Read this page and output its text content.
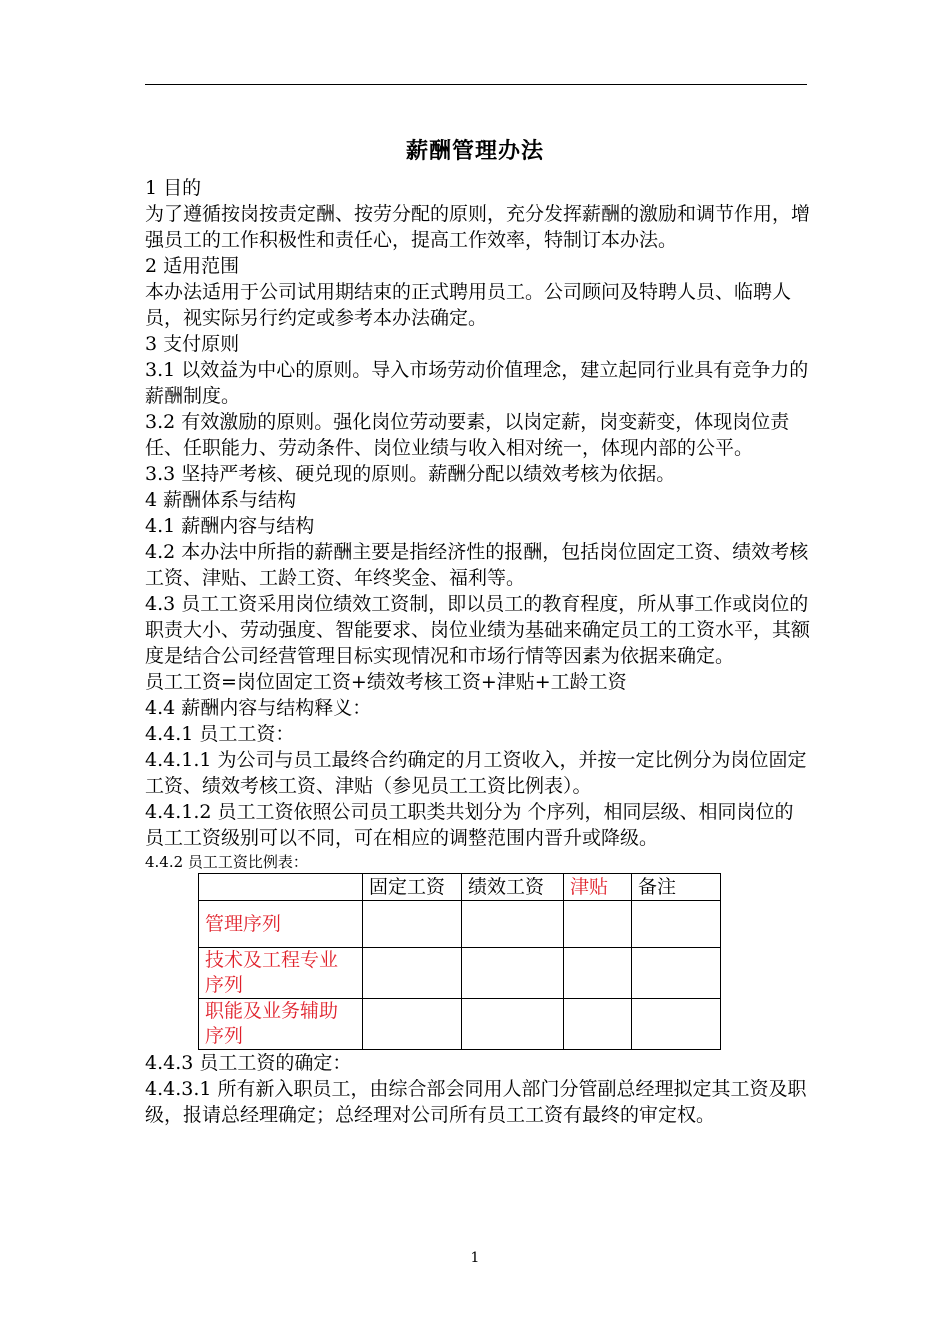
薪酬管理办法

1 目的

为了遵循按岗按责定酬、按劳分配的原则，充分发挥薪酬的激励和调节作用，增强员工的工作积极性和责任心，提高工作效率，特制订本办法。

2 适用范围

本办法适用于公司试用期结束的正式聘用员工。公司顾问及特聘人员、临聘人员，视实际另行约定或参考本办法确定。

3 支付原则

3.1 以效益为中心的原则。导入市场劳动价值理念，建立起同行业具有竞争力的薪酬制度。

3.2 有效激励的原则。强化岗位劳动要素，以岗定薪，岗变薪变，体现岗位责任、任职能力、劳动条件、岗位业绩与收入相对统一，体现内部的公平。

3.3 坚持严考核、硬兑现的原则。薪酬分配以绩效考核为依据。

4 薪酬体系与结构

4.1 薪酬内容与结构

4.2 本办法中所指的薪酬主要是指经济性的报酬，包括岗位固定工资、绩效考核工资、津贴、工龄工资、年终奖金、福利等。

4.3 员工工资采用岗位绩效工资制，即以员工的教育程度，所从事工作或岗位的职责大小、劳动强度、智能要求、岗位业绩为基础来确定员工的工资水平，其额度是结合公司经营管理目标实现情况和市场行情等因素为依据来确定。

员工工资=岗位固定工资+绩效考核工资+津贴+工龄工资

4.4 薪酬内容与结构释义：

4.4.1 员工工资：

4.4.1.1 为公司与员工最终合约确定的月工资收入，并按一定比例分为岗位固定工资、绩效考核工资、津贴（参见员工工资比例表）。

4.4.1.2 员工工资依照公司员工职类共划分为 个序列，相同层级、相同岗位的员工工资级别可以不同，可在相应的调整范围内晋升或降级。

4.4.2 员工工资比例表：

	固定工资	绩效工资	津贴	备注
管理序列				
技术及工程专业序列				
职能及业务辅助序列				

4.4.3 员工工资的确定：

4.4.3.1 所有新入职员工，由综合部会同用人部门分管副总经理拟定其工资及职级，报请总经理确定；总经理对公司所有员工工资有最终的审定权。

1
